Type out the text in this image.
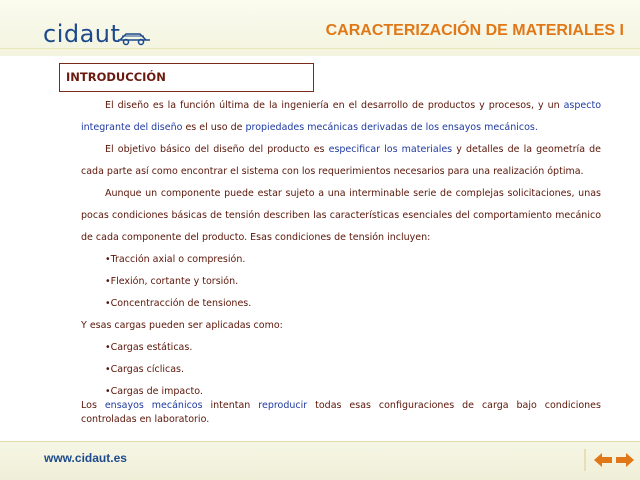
cidaut	CARACTERIZACIÓN DE MATERIALES I
INTRODUCCIÓN

El diseño es la función última de la ingeniería en el desarrollo de productos y procesos, y un aspecto integrante del diseño es el uso de propiedades mecánicas derivadas de los ensayos mecánicos.

El objetivo básico del diseño del producto es especificar los materiales y detalles de la geometría de cada parte así como encontrar el sistema con los requerimientos necesarios para una realización óptima.

Aunque un componente puede estar sujeto a una interminable serie de complejas solicitaciones, unas pocas condiciones básicas de tensión describen las características esenciales del comportamiento mecánico de cada componente del producto. Esas condiciones de tensión incluyen:

•Tracción axial o compresión.
•Flexión, cortante y torsión.
•Concentracción de tensiones.

Y esas cargas pueden ser aplicadas como:

•Cargas estáticas.
•Cargas cíclicas.
•Cargas de impacto.

Los ensayos mecánicos intentan reproducir todas esas configuraciones de carga bajo condiciones controladas en laboratorio.

www.cidaut.es
